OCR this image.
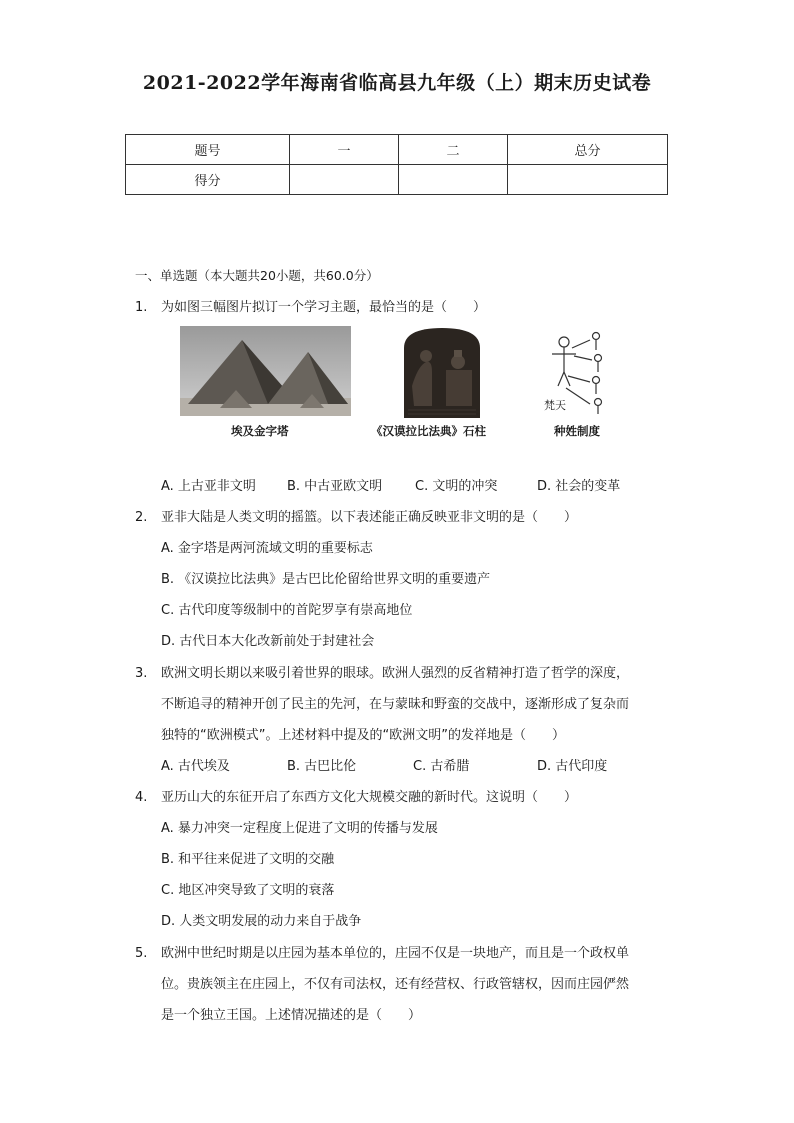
2021-2022学年海南省临高县九年级（上）期末历史试卷
题号	一	二	总分
得分			
一、单选题（本大题共20小题，共60.0分）
1.	为如图三幅图片拟订一个学习主题，最恰当的是（　　）
埃及金字塔	《汉谟拉比法典》石柱
梵天
种姓制度
A. 上古亚非文明 B. 中古亚欧文明	C. 文明的冲突	D. 社会的变革
2.	亚非大陆是人类文明的摇篮。以下表述能正确反映亚非文明的是（　　）
A. 金字塔是两河流域文明的重要标志
B. 《汉谟拉比法典》是古巴比伦留给世界文明的重要遗产
C. 古代印度等级制中的首陀罗享有崇高地位
D. 古代日本大化改新前处于封建社会
3.	欧洲文明长期以来吸引着世界的眼球。欧洲人强烈的反省精神打造了哲学的深度，
不断追寻的精神开创了民主的先河，在与蒙昧和野蛮的交战中，逐渐形成了复杂而
独特的“欧洲模式”。上述材料中提及的“欧洲文明”的发祥地是（　　）
A. 古代埃及	B. 古巴比伦	C. 古希腊	D. 古代印度
4.	亚历山大的东征开启了东西方文化大规模交融的新时代。这说明（　　）
A. 暴力冲突一定程度上促进了文明的传播与发展
B. 和平往来促进了文明的交融
C. 地区冲突导致了文明的衰落
D. 人类文明发展的动力来自于战争
5.	欧洲中世纪时期是以庄园为基本单位的，庄园不仅是一块地产，而且是一个政权单
位。贵族领主在庄园上，不仅有司法权，还有经营权、行政管辖权，因而庄园俨然
是一个独立王国。上述情况描述的是（　　）
